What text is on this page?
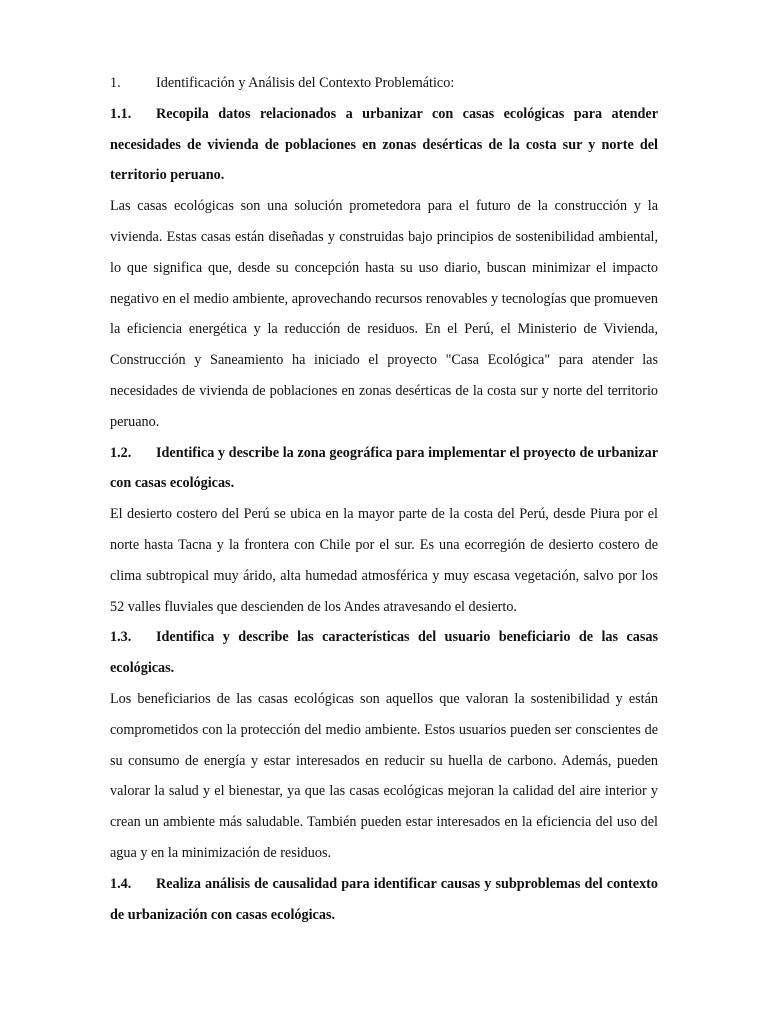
1.	Identificación y Análisis del Contexto Problemático:
1.1.	Recopila datos relacionados a urbanizar con casas ecológicas para atender
necesidades de vivienda de poblaciones en zonas desérticas de la costa sur y norte del
territorio peruano.
Las casas ecológicas son una solución prometedora para el futuro de la construcción y la
vivienda. Estas casas están diseñadas y construidas bajo principios de sostenibilidad ambiental,
lo que significa que, desde su concepción hasta su uso diario, buscan minimizar el impacto
negativo en el medio ambiente, aprovechando recursos renovables y tecnologías que promueven
la eficiencia energética y la reducción de residuos. En el Perú, el Ministerio de Vivienda,
Construcción y Saneamiento ha iniciado el proyecto "Casa Ecológica" para atender las
necesidades de vivienda de poblaciones en zonas desérticas de la costa sur y norte del territorio
peruano.
1.2.	Identifica y describe la zona geográfica para implementar el proyecto de urbanizar
con casas ecológicas.
El desierto costero del Perú se ubica en la mayor parte de la costa del Perú, desde Piura por el
norte hasta Tacna y la frontera con Chile por el sur. Es una ecorregión de desierto costero de
clima subtropical muy árido, alta humedad atmosférica y muy escasa vegetación, salvo por los
52 valles fluviales que descienden de los Andes atravesando el desierto.
1.3.	Identifica y describe las características del usuario beneficiario de las casas
ecológicas.
Los beneficiarios de las casas ecológicas son aquellos que valoran la sostenibilidad y están
comprometidos con la protección del medio ambiente. Estos usuarios pueden ser conscientes de
su consumo de energía y estar interesados en reducir su huella de carbono. Además, pueden
valorar la salud y el bienestar, ya que las casas ecológicas mejoran la calidad del aire interior y
crean un ambiente más saludable. También pueden estar interesados en la eficiencia del uso del
agua y en la minimización de residuos.
1.4.	Realiza análisis de causalidad para identificar causas y subproblemas del contexto
de urbanización con casas ecológicas.
